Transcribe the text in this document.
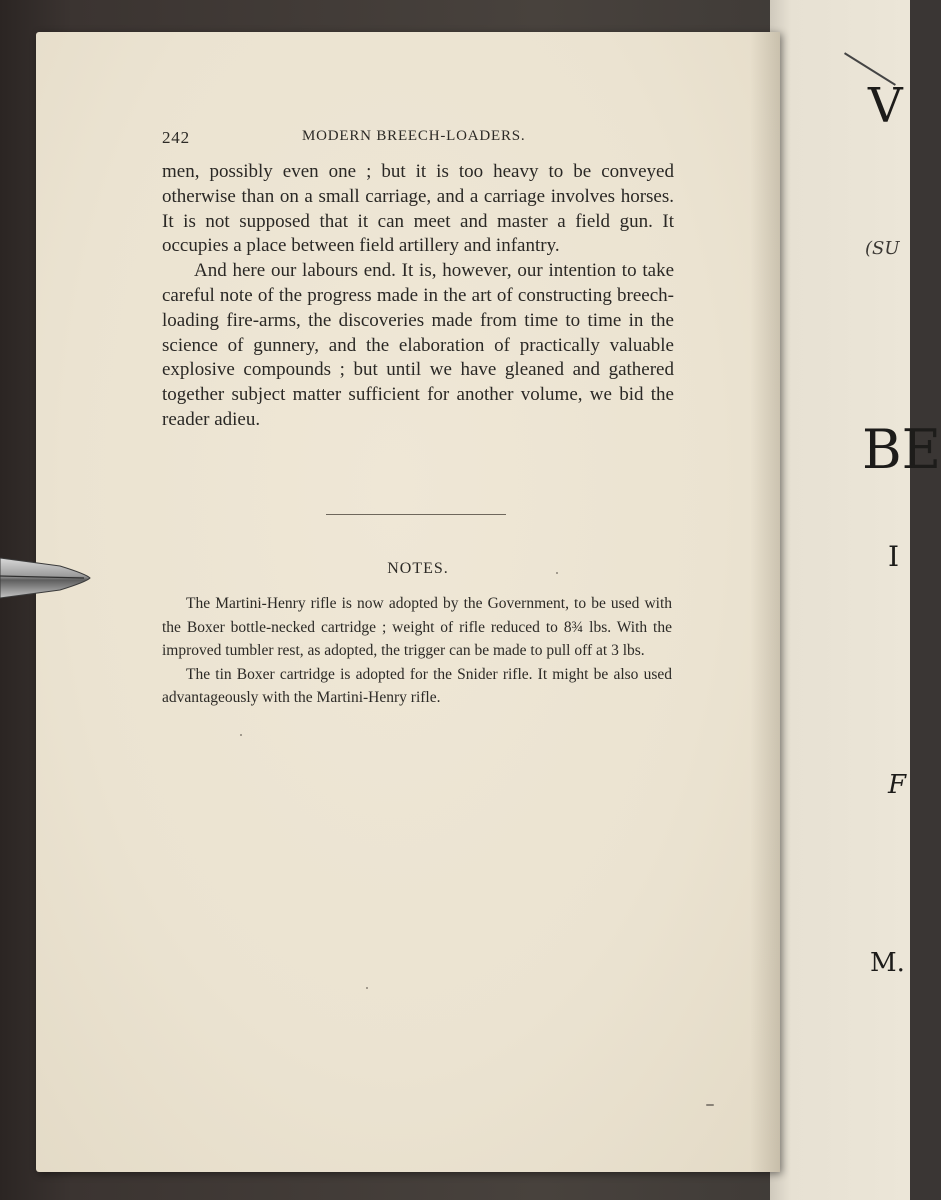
V
(SU
BE
I
F
M.
242	MODERN BREECH-LOADERS.

men, possibly even one ; but it is too heavy to be conveyed otherwise than on a small carriage, and a carriage involves horses. It is not supposed that it can meet and master a field gun. It occupies a place between field artillery and infantry.

And here our labours end. It is, however, our intention to take careful note of the progress made in the art of constructing breech-loading fire-arms, the discoveries made from time to time in the science of gunnery, and the elaboration of practically valuable explosive compounds ; but until we have gleaned and gathered together subject matter sufficient for another volume, we bid the reader adieu.

NOTES.

The Martini-Henry rifle is now adopted by the Government, to be used with the Boxer bottle-necked cartridge ; weight of rifle reduced to 8¾ lbs. With the improved tumbler rest, as adopted, the trigger can be made to pull off at 3 lbs.

The tin Boxer cartridge is adopted for the Snider rifle. It might be also used advantageously with the Martini-Henry rifle.
